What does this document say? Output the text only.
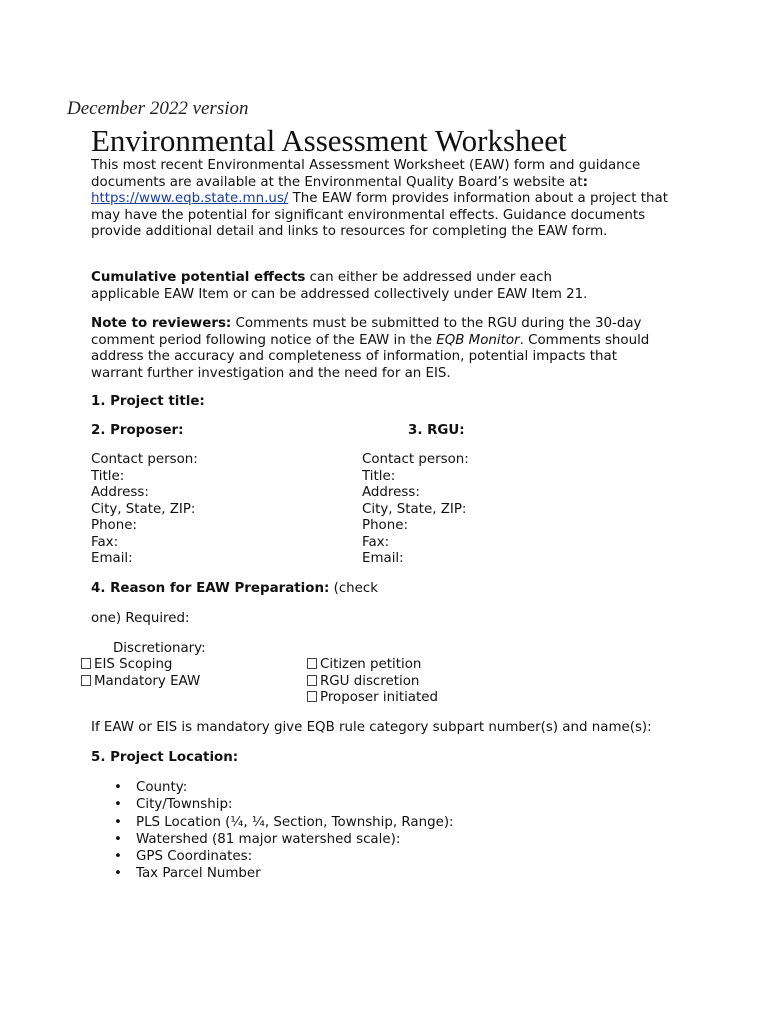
December 2022 version
Environmental Assessment Worksheet
This most recent Environmental Assessment Worksheet (EAW) form and guidance documents are available at the Environmental Quality Board’s website at: https://www.eqb.state.mn.us/ The EAW form provides information about a project that may have the potential for significant environmental effects. Guidance documents provide additional detail and links to resources for completing the EAW form.
Cumulative potential effects can either be addressed under each
applicable EAW Item or can be addressed collectively under EAW Item 21.
Note to reviewers: Comments must be submitted to the RGU during the 30-day comment period following notice of the EAW in the EQB Monitor. Comments should address the accuracy and completeness of information, potential impacts that warrant further investigation and the need for an EIS.
1. Project title:
2. Proposer:	3. RGU:
Contact person:
Title:
Address:
City, State, ZIP:
Phone:
Fax:
Email:
Contact person:
Title:
Address:
City, State, ZIP:
Phone:
Fax:
Email:
4. Reason for EAW Preparation: (check
one) Required:
Discretionary:
EIS Scoping
Mandatory EAW
Citizen petition
RGU discretion
Proposer initiated
If EAW or EIS is mandatory give EQB rule category subpart number(s) and name(s):
5. Project Location:
• County:
• City/Township:
• PLS Location (¼, ¼, Section, Township, Range):
• Watershed (81 major watershed scale):
• GPS Coordinates:
• Tax Parcel Number
